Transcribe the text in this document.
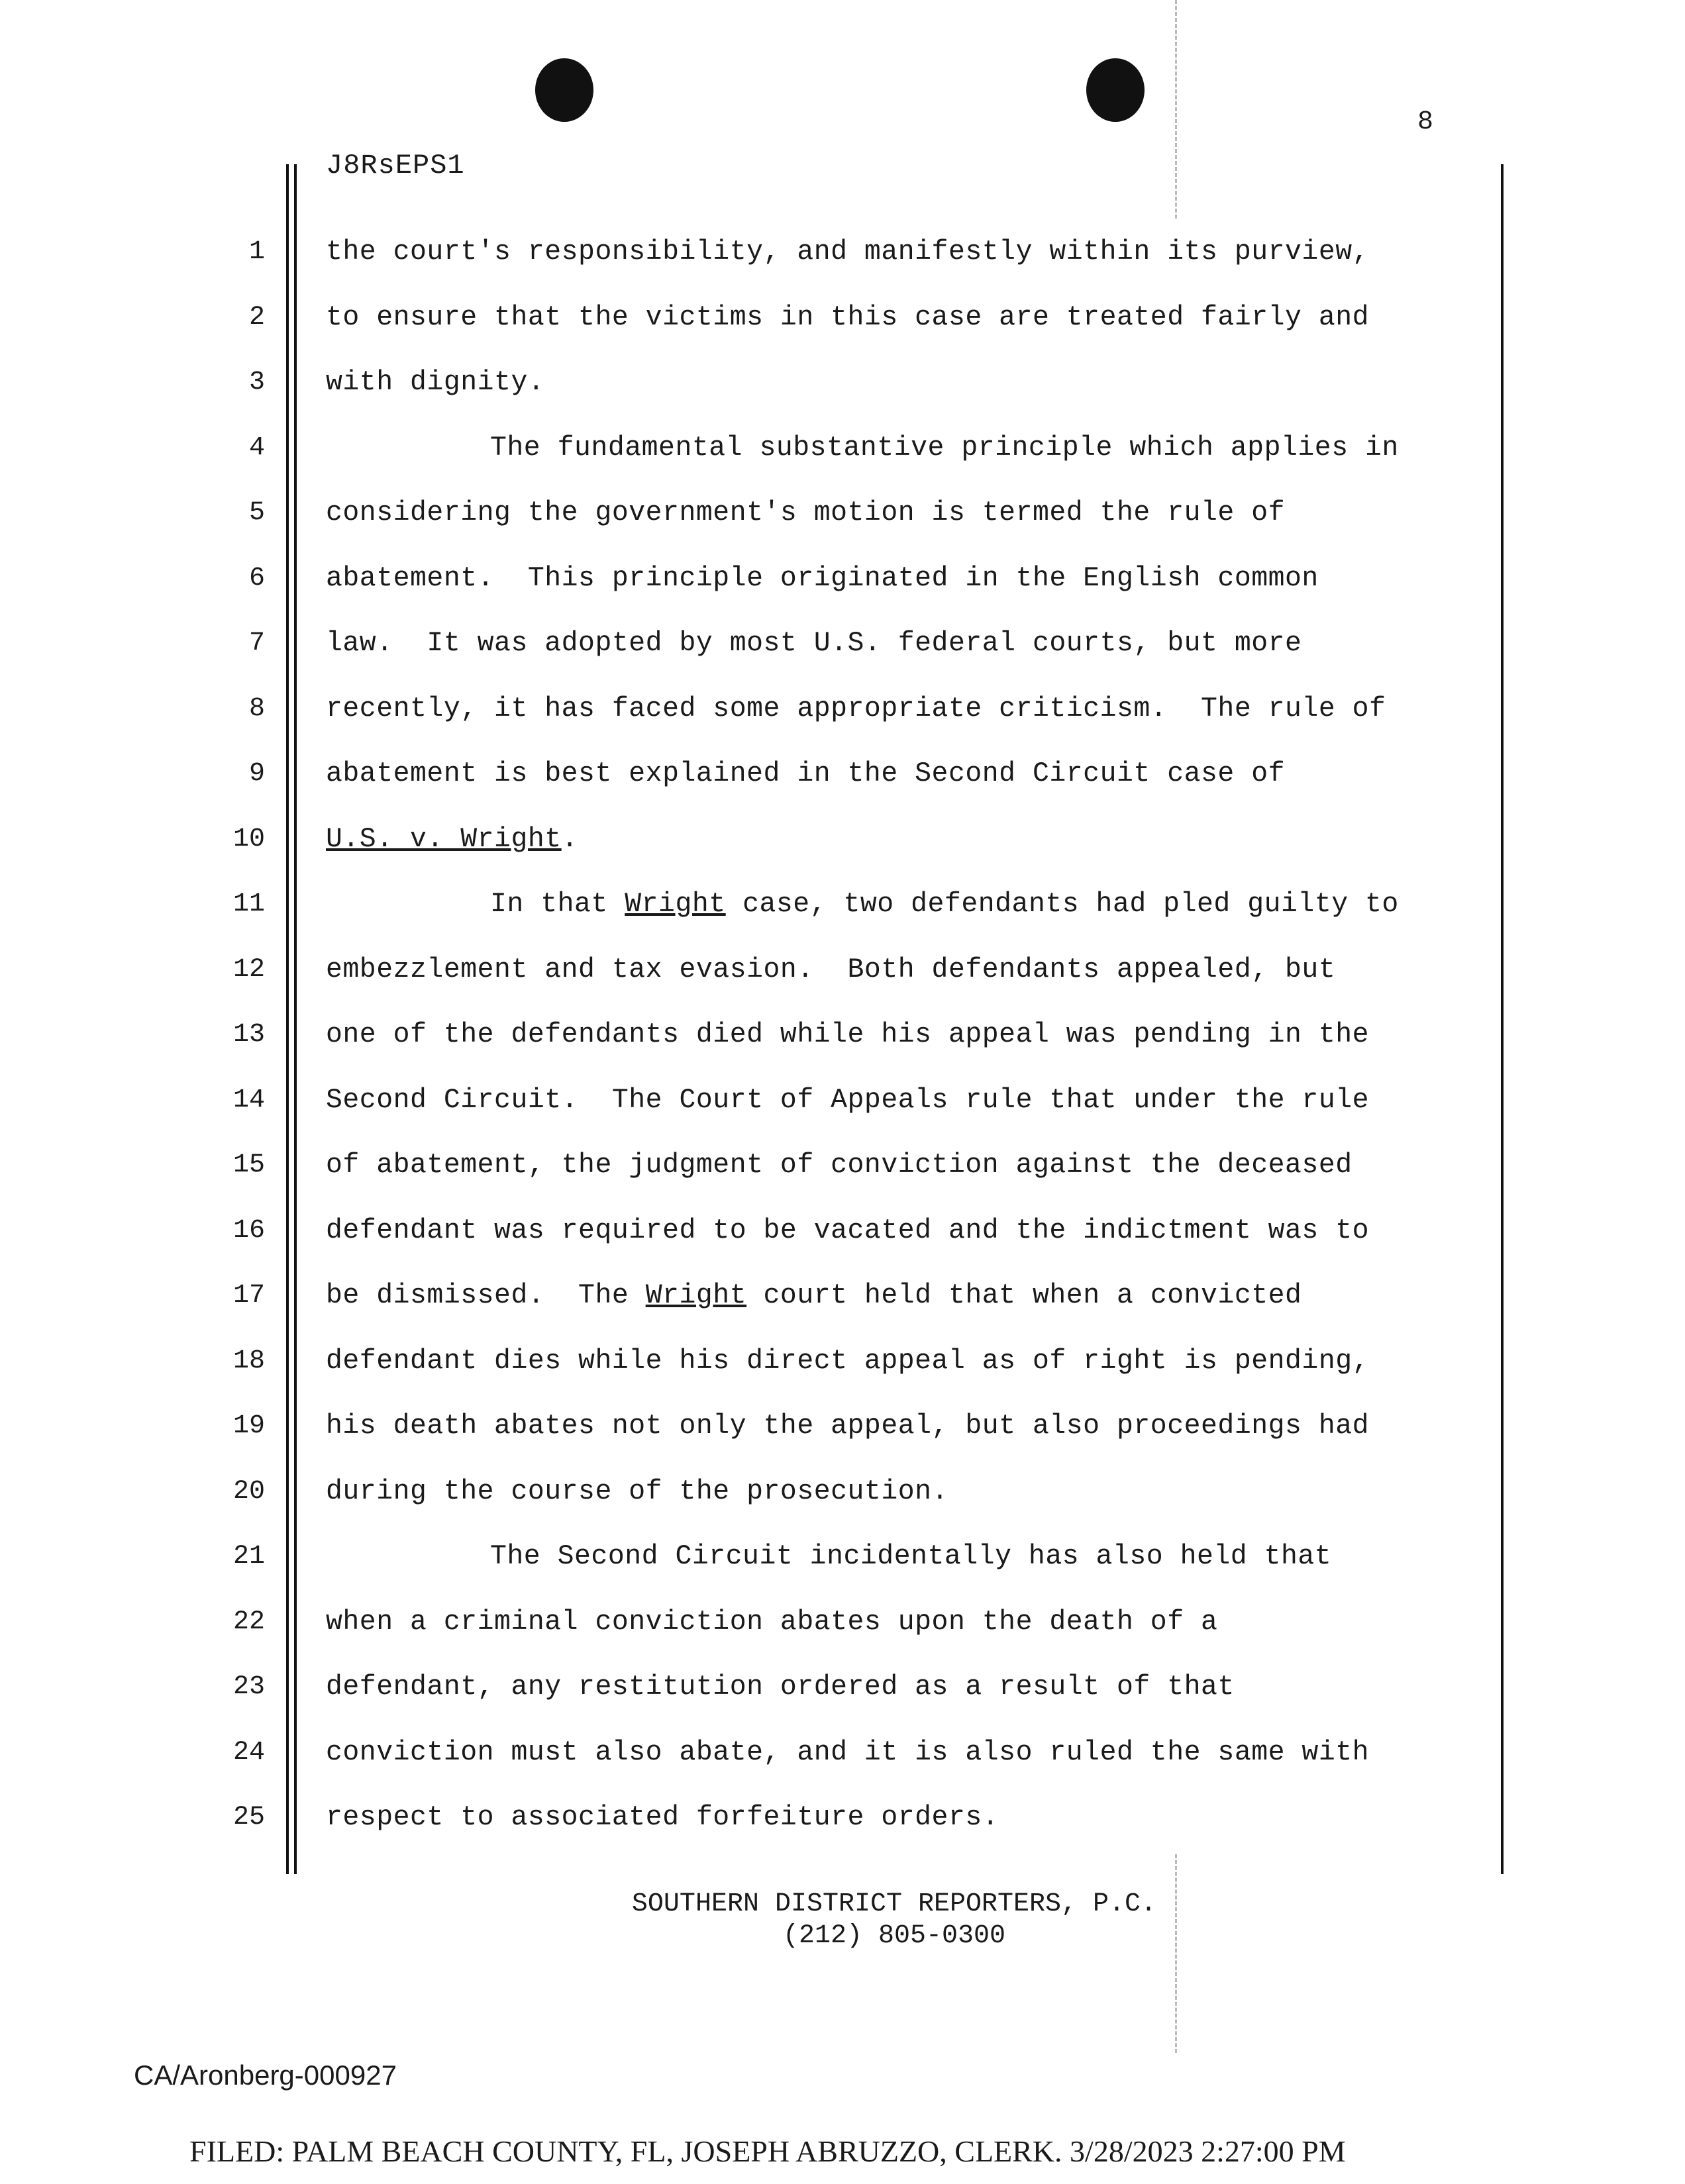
8
J8RsEPS1
1
2
3
4
5
6
7
8
9
10
11
12
13
14
15
16
17
18
19
20
21
22
23
24
25
the court's responsibility, and manifestly within its purview,
to ensure that the victims in this case are treated fairly and
with dignity.
The fundamental substantive principle which applies in
considering the government's motion is termed the rule of
abatement.  This principle originated in the English common
law.  It was adopted by most U.S. federal courts, but more
recently, it has faced some appropriate criticism.  The rule of
abatement is best explained in the Second Circuit case of
U.S. v. Wright.
In that Wright case, two defendants had pled guilty to
embezzlement and tax evasion.  Both defendants appealed, but
one of the defendants died while his appeal was pending in the
Second Circuit.  The Court of Appeals rule that under the rule
of abatement, the judgment of conviction against the deceased
defendant was required to be vacated and the indictment was to
be dismissed.  The Wright court held that when a convicted
defendant dies while his direct appeal as of right is pending,
his death abates not only the appeal, but also proceedings had
during the course of the prosecution.
The Second Circuit incidentally has also held that
when a criminal conviction abates upon the death of a
defendant, any restitution ordered as a result of that
conviction must also abate, and it is also ruled the same with
respect to associated forfeiture orders.
SOUTHERN DISTRICT REPORTERS, P.C.
(212) 805-0300
CA/Aronberg-000927
FILED: PALM BEACH COUNTY, FL, JOSEPH ABRUZZO, CLERK. 3/28/2023 2:27:00 PM
